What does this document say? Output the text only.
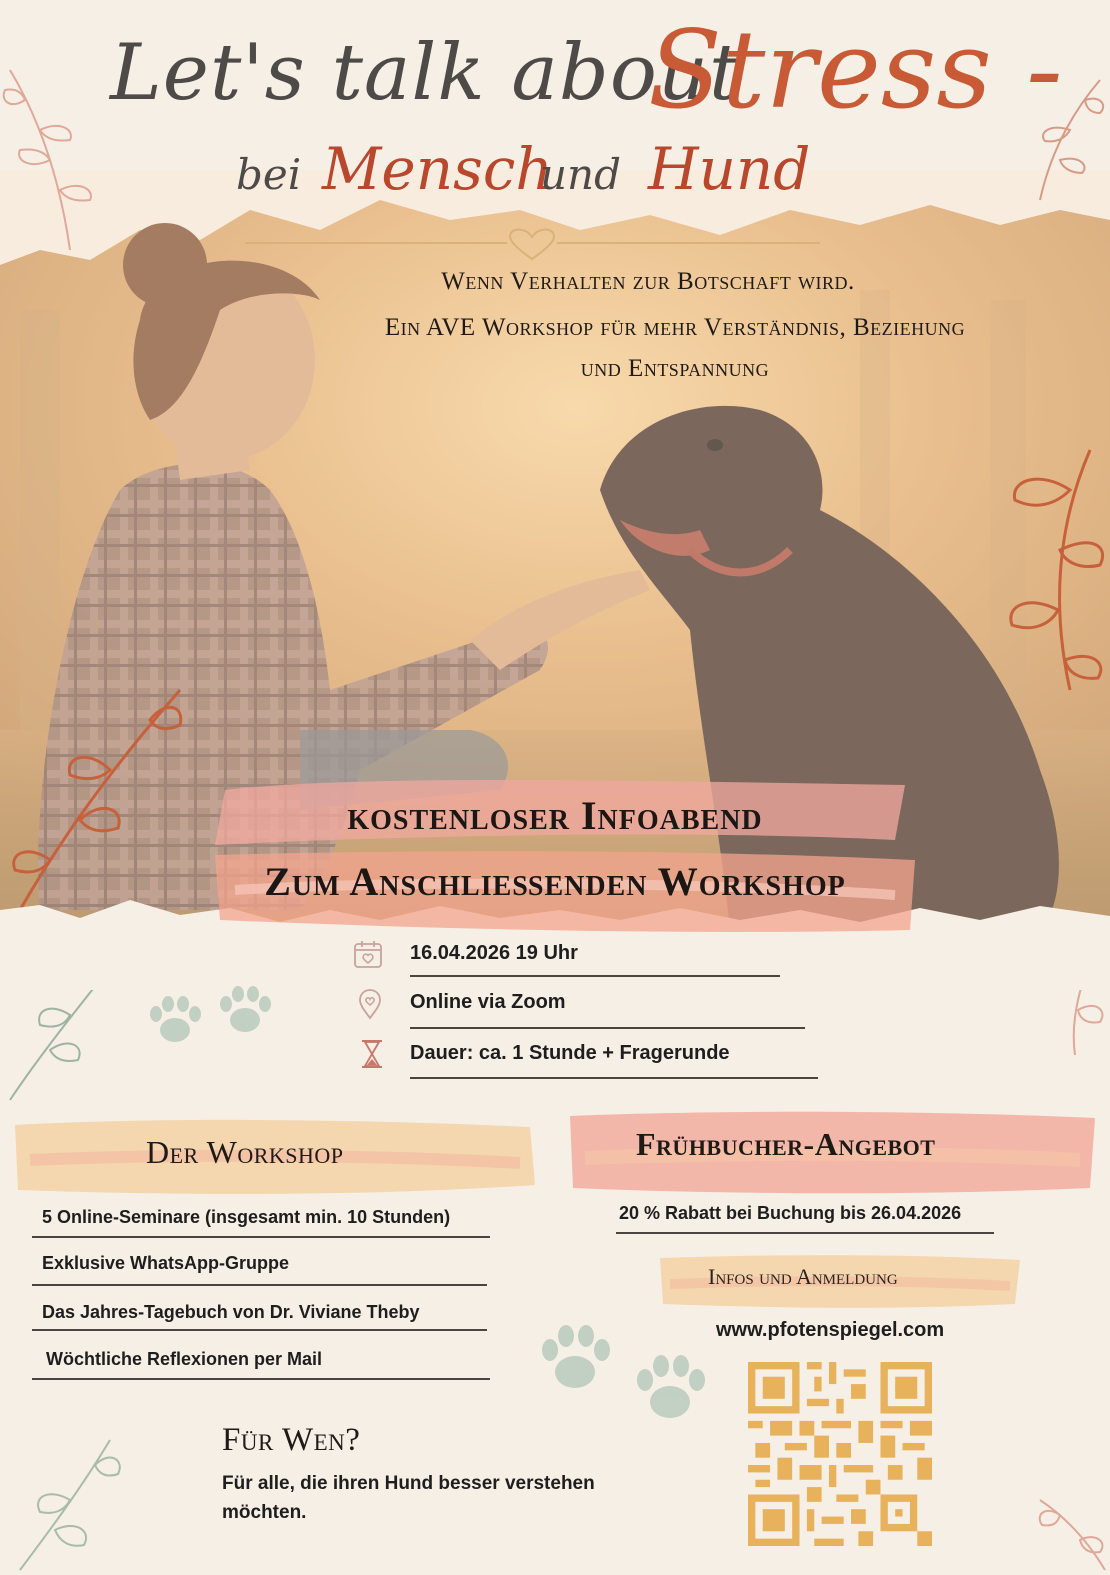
Let's talk about
Stress -
bei Mensch
und Hund
Wenn Verhalten zur Botschaft wird.
Ein AVE Workshop für mehr Verständnis, Beziehung
und Entspannung
kostenloser Infoabend
Zum Anschließenden Workshop
16.04.2026 19 Uhr
Online via Zoom
Dauer: ca. 1 Stunde + Fragerunde
Der Workshop
5 Online-Seminare (insgesamt min. 10 Stunden)
Exklusive WhatsApp-Gruppe
Das Jahres-Tagebuch von Dr. Viviane Theby
Wöchtliche Reflexionen per Mail
Frühbucher-Angebot
20 % Rabatt bei Buchung bis 26.04.2026
Infos und Anmeldung
www.pfotenspiegel.com
Für Wen?
Für alle, die ihren Hund besser verstehen
möchten.
